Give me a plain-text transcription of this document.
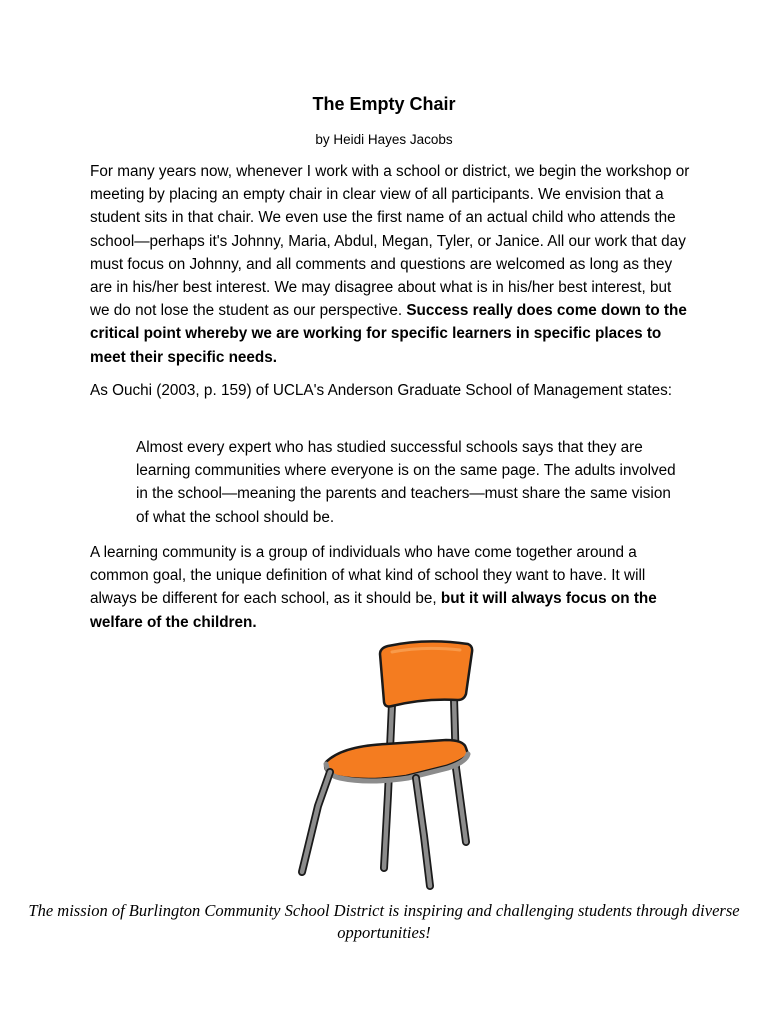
The Empty Chair
by Heidi Hayes Jacobs

For many years now, whenever I work with a school or district, we begin the workshop or meeting by placing an empty chair in clear view of all participants. We envision that a student sits in that chair. We even use the first name of an actual child who attends the school—perhaps it's Johnny, Maria, Abdul, Megan, Tyler, or Janice. All our work that day must focus on Johnny, and all comments and questions are welcomed as long as they are in his/her best interest. We may disagree about what is in his/her best interest, but we do not lose the student as our perspective. Success really does come down to the critical point whereby we are working for specific learners in specific places to meet their specific needs.

As Ouchi (2003, p. 159) of UCLA's Anderson Graduate School of Management states:

Almost every expert who has studied successful schools says that they are learning communities where everyone is on the same page. The adults involved in the school—meaning the parents and teachers—must share the same vision of what the school should be.

A learning community is a group of individuals who have come together around a common goal, the unique definition of what kind of school they want to have. It will always be different for each school, as it should be, but it will always focus on the welfare of the children.

The mission of Burlington Community School District is inspiring and challenging students through diverse opportunities!
